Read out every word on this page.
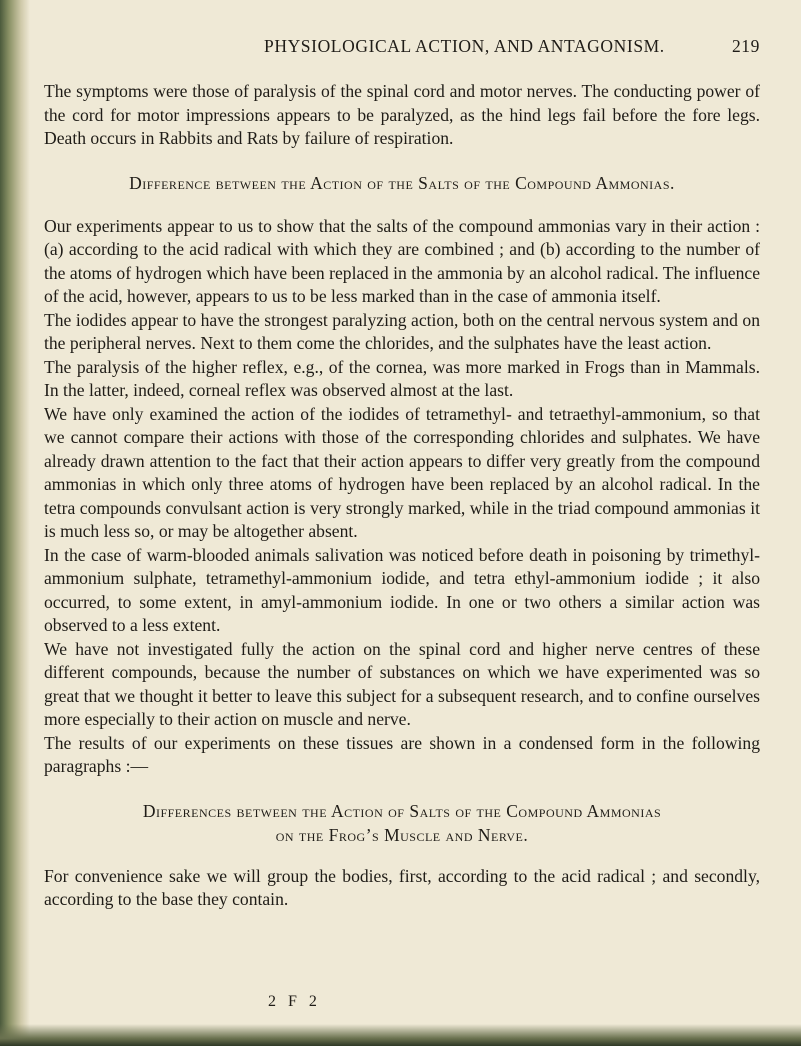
PHYSIOLOGICAL ACTION, AND ANTAGONISM.	219

The symptoms were those of paralysis of the spinal cord and motor nerves. The conducting power of the cord for motor impressions appears to be paralyzed, as the hind legs fail before the fore legs. Death occurs in Rabbits and Rats by failure of respiration.

Difference between the Action of the Salts of the Compound Ammonias.

Our experiments appear to us to show that the salts of the compound ammonias vary in their action : (a) according to the acid radical with which they are combined ; and (b) according to the number of the atoms of hydrogen which have been replaced in the ammonia by an alcohol radical. The influence of the acid, however, appears to us to be less marked than in the case of ammonia itself.

The iodides appear to have the strongest paralyzing action, both on the central nervous system and on the peripheral nerves. Next to them come the chlorides, and the sulphates have the least action.

The paralysis of the higher reflex, e.g., of the cornea, was more marked in Frogs than in Mammals. In the latter, indeed, corneal reflex was observed almost at the last.

We have only examined the action of the iodides of tetramethyl- and tetraethyl-ammonium, so that we cannot compare their actions with those of the corresponding chlorides and sulphates. We have already drawn attention to the fact that their action appears to differ very greatly from the compound ammonias in which only three atoms of hydrogen have been replaced by an alcohol radical. In the tetra compounds convulsant action is very strongly marked, while in the triad compound ammonias it is much less so, or may be altogether absent.

In the case of warm-blooded animals salivation was noticed before death in poisoning by trimethyl-ammonium sulphate, tetramethyl-ammonium iodide, and tetra ethyl-ammonium iodide ; it also occurred, to some extent, in amyl-ammonium iodide. In one or two others a similar action was observed to a less extent.

We have not investigated fully the action on the spinal cord and higher nerve centres of these different compounds, because the number of substances on which we have experimented was so great that we thought it better to leave this subject for a subsequent research, and to confine ourselves more especially to their action on muscle and nerve.

The results of our experiments on these tissues are shown in a condensed form in the following paragraphs :—

Differences between the Action of Salts of the Compound Ammonias
on the Frog’s Muscle and Nerve.

For convenience sake we will group the bodies, first, according to the acid radical ; and secondly, according to the base they contain.

2 F 2
